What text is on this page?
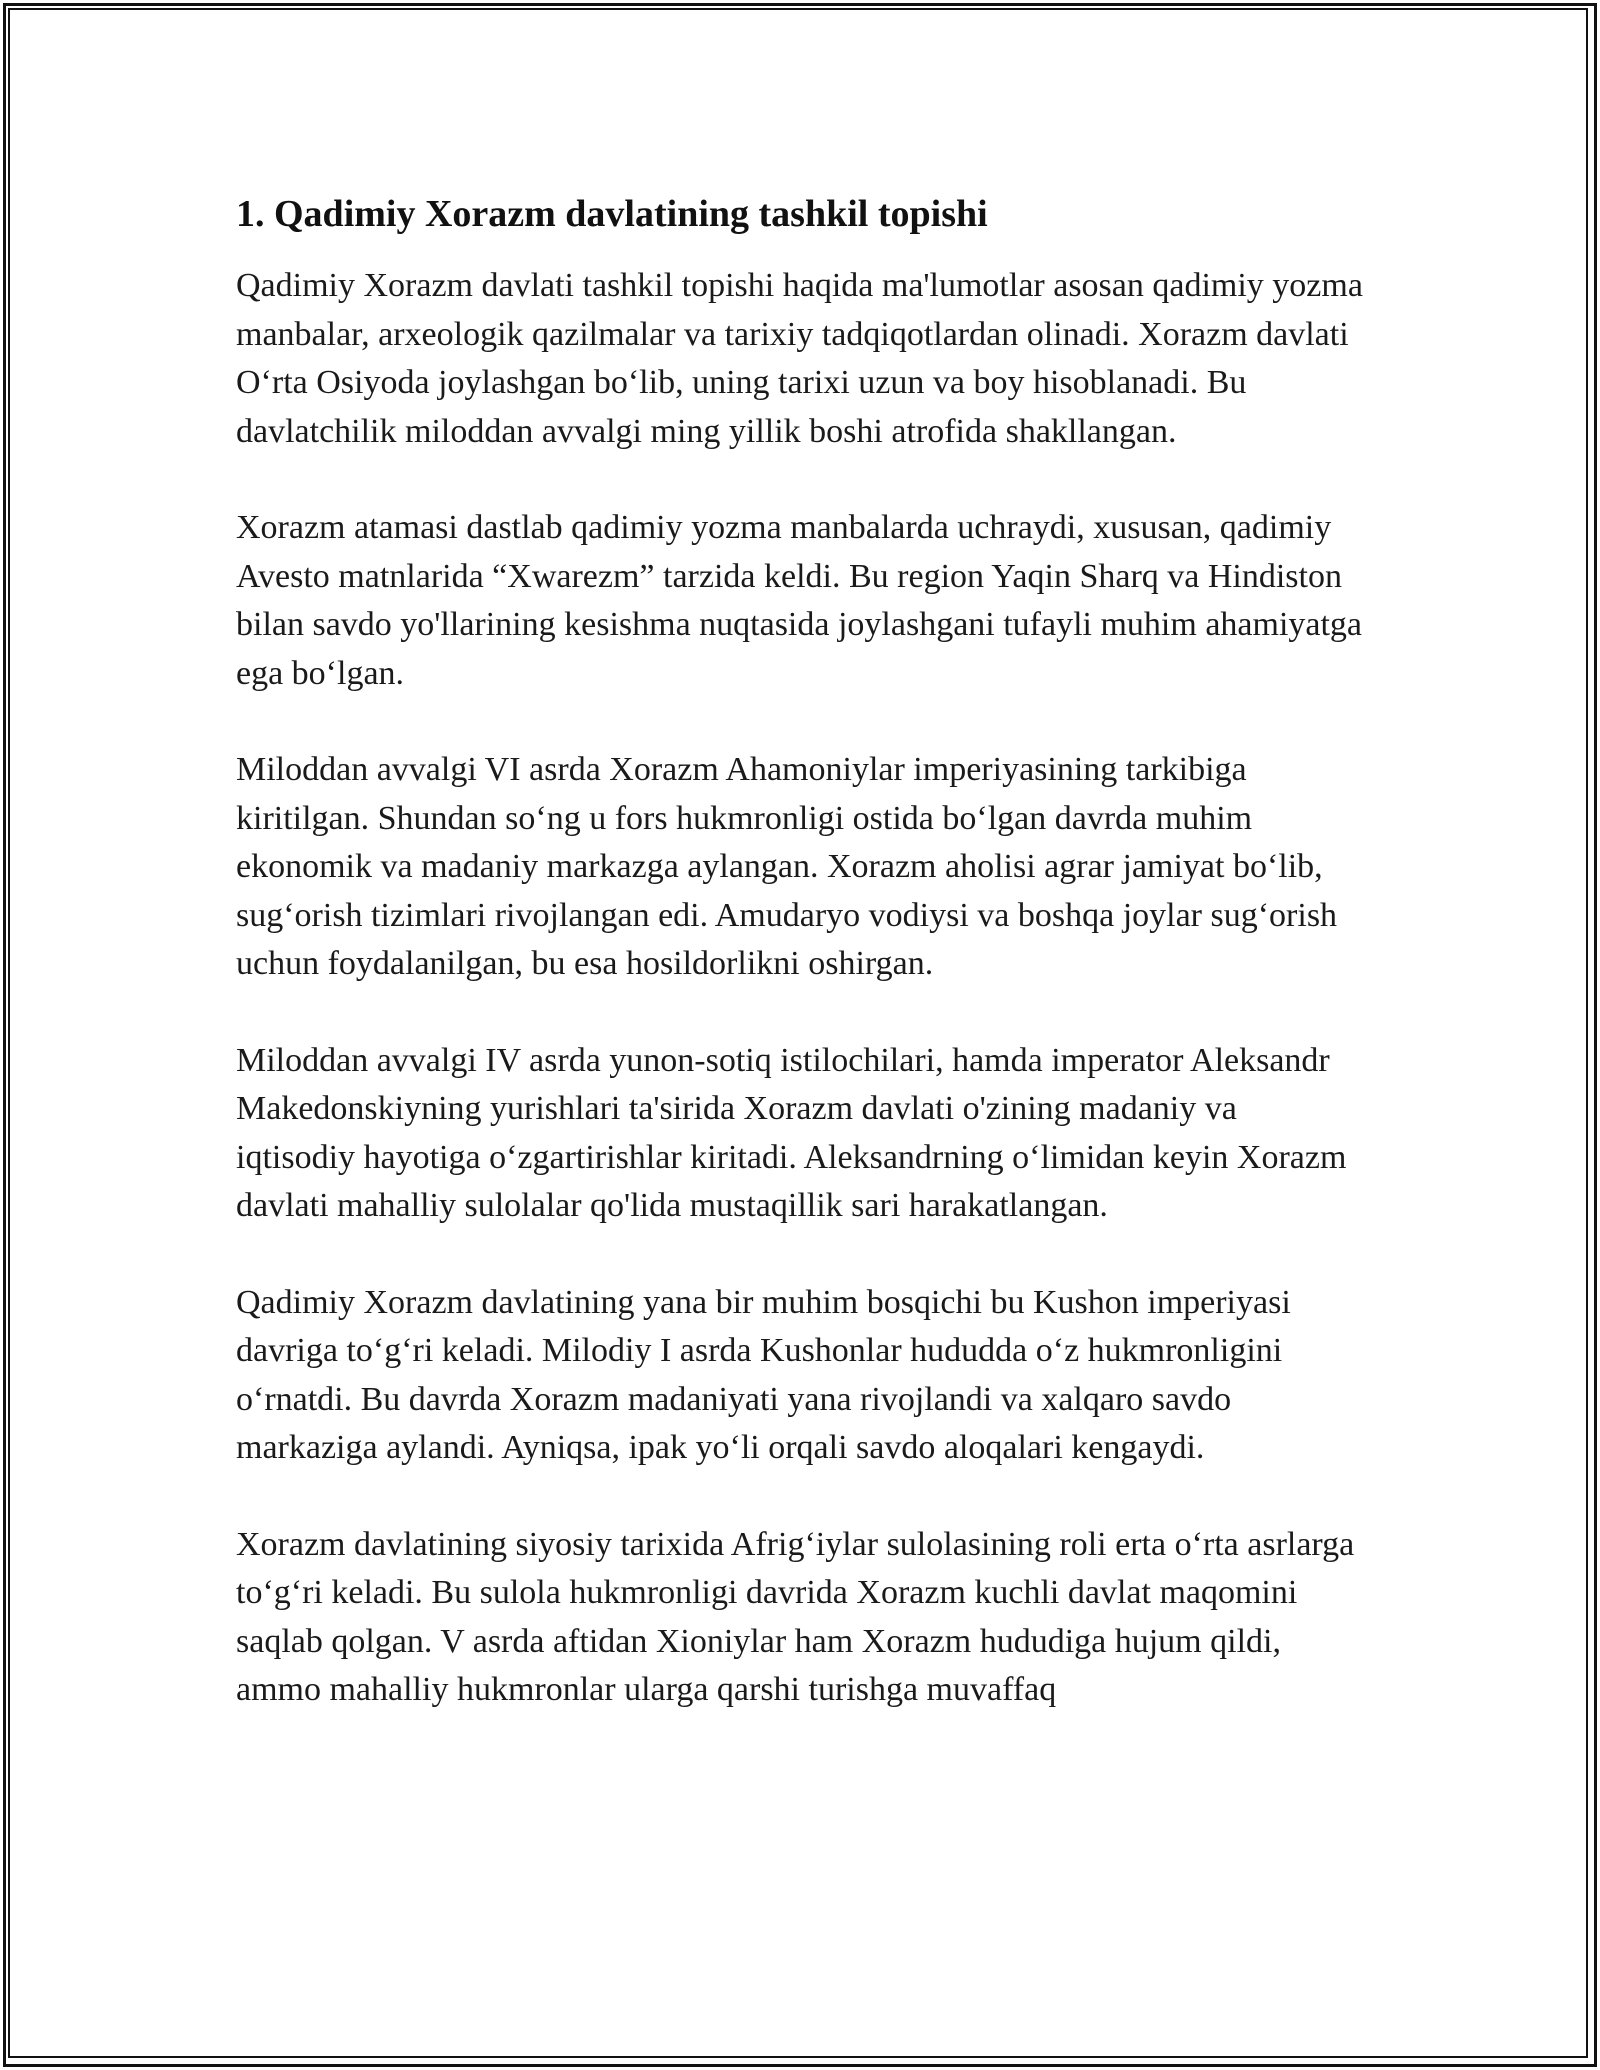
1. Qadimiy Xorazm davlatining tashkil topishi

Qadimiy Xorazm davlati tashkil topishi haqida ma'lumotlar asosan qadimiy yozma manbalar, arxeologik qazilmalar va tarixiy tadqiqotlardan olinadi. Xorazm davlati O‘rta Osiyoda joylashgan bo‘lib, uning tarixi uzun va boy hisoblanadi. Bu davlatchilik miloddan avvalgi ming yillik boshi atrofida shakllangan.

Xorazm atamasi dastlab qadimiy yozma manbalarda uchraydi, xususan, qadimiy Avesto matnlarida “Xwarezm” tarzida keldi. Bu region Yaqin Sharq va Hindiston bilan savdo yo'llarining kesishma nuqtasida joylashgani tufayli muhim ahamiyatga ega bo‘lgan.

Miloddan avvalgi VI asrda Xorazm Ahamoniylar imperiyasining tarkibiga kiritilgan. Shundan so‘ng u fors hukmronligi ostida bo‘lgan davrda muhim ekonomik va madaniy markazga aylangan. Xorazm aholisi agrar jamiyat bo‘lib, sug‘orish tizimlari rivojlangan edi. Amudaryo vodiysi va boshqa joylar sug‘orish uchun foydalanilgan, bu esa hosildorlikni oshirgan.

Miloddan avvalgi IV asrda yunon-sotiq istilochilari, hamda imperator Aleksandr Makedonskiyning yurishlari ta'sirida Xorazm davlati o'zining madaniy va iqtisodiy hayotiga o‘zgartirishlar kiritadi. Aleksandrning o‘limidan keyin Xorazm davlati mahalliy sulolalar qo'lida mustaqillik sari harakatlangan.

Qadimiy Xorazm davlatining yana bir muhim bosqichi bu Kushon imperiyasi davriga to‘g‘ri keladi. Milodiy I asrda Kushonlar hududda o‘z hukmronligini o‘rnatdi. Bu davrda Xorazm madaniyati yana rivojlandi va xalqaro savdo markaziga aylandi. Ayniqsa, ipak yo‘li orqali savdo aloqalari kengaydi.

Xorazm davlatining siyosiy tarixida Afrig‘iylar sulolasining roli erta o‘rta asrlarga to‘g‘ri keladi. Bu sulola hukmronligi davrida Xorazm kuchli davlat maqomini saqlab qolgan. V asrda aftidan Xioniylar ham Xorazm hududiga hujum qildi, ammo mahalliy hukmronlar ularga qarshi turishga muvaffaq
